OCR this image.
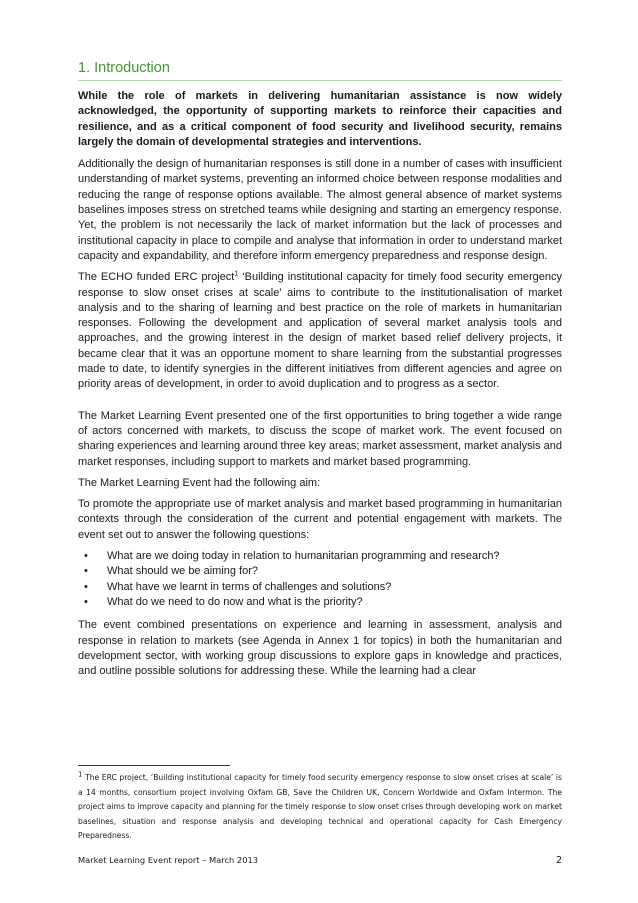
1. Introduction

While the role of markets in delivering humanitarian assistance is now widely acknowledged, the opportunity of supporting markets to reinforce their capacities and resilience, and as a critical component of food security and livelihood security, remains largely the domain of developmental strategies and interventions.

Additionally the design of humanitarian responses is still done in a number of cases with insufficient understanding of market systems, preventing an informed choice between response modalities and reducing the range of response options available. The almost general absence of market systems baselines imposes stress on stretched teams while designing and starting an emergency response. Yet, the problem is not necessarily the lack of market information but the lack of processes and institutional capacity in place to compile and analyse that information in order to understand market capacity and expandability, and therefore inform emergency preparedness and response design.

The ECHO funded ERC project$^1$ ‘Building institutional capacity for timely food security emergency response to slow onset crises at scale’ aims to contribute to the institutionalisation of market analysis and to the sharing of learning and best practice on the role of markets in humanitarian responses. Following the development and application of several market analysis tools and approaches, and the growing interest in the design of market based relief delivery projects, it became clear that it was an opportune moment to share learning from the substantial progresses made to date, to identify synergies in the different initiatives from different agencies and agree on priority areas of development, in order to avoid duplication and to progress as a sector.

The Market Learning Event presented one of the first opportunities to bring together a wide range of actors concerned with markets, to discuss the scope of market work. The event focused on sharing experiences and learning around three key areas; market assessment, market analysis and market responses, including support to markets and market based programming.

The Market Learning Event had the following aim:

To promote the appropriate use of market analysis and market based programming in humanitarian contexts through the consideration of the current and potential engagement with markets. The event set out to answer the following questions:

• What are we doing today in relation to humanitarian programming and research?
• What should we be aiming for?
• What have we learnt in terms of challenges and solutions?
• What do we need to do now and what is the priority?

The event combined presentations on experience and learning in assessment, analysis and response in relation to markets (see Agenda in Annex 1 for topics) in both the humanitarian and development sector, with working group discussions to explore gaps in knowledge and practices, and outline possible solutions for addressing these. While the learning had a clear

$^1$ The ERC project, ‘Building institutional capacity for timely food security emergency response to slow onset crises at scale’ is a 14 months, consortium project involving Oxfam GB, Save the Children UK, Concern Worldwide and Oxfam Intermon. The project aims to improve capacity and planning for the timely response to slow onset crises through developing work on market baselines, situation and response analysis and developing technical and operational capacity for Cash Emergency Preparedness.
Market Learning Event report – March 2013	2
